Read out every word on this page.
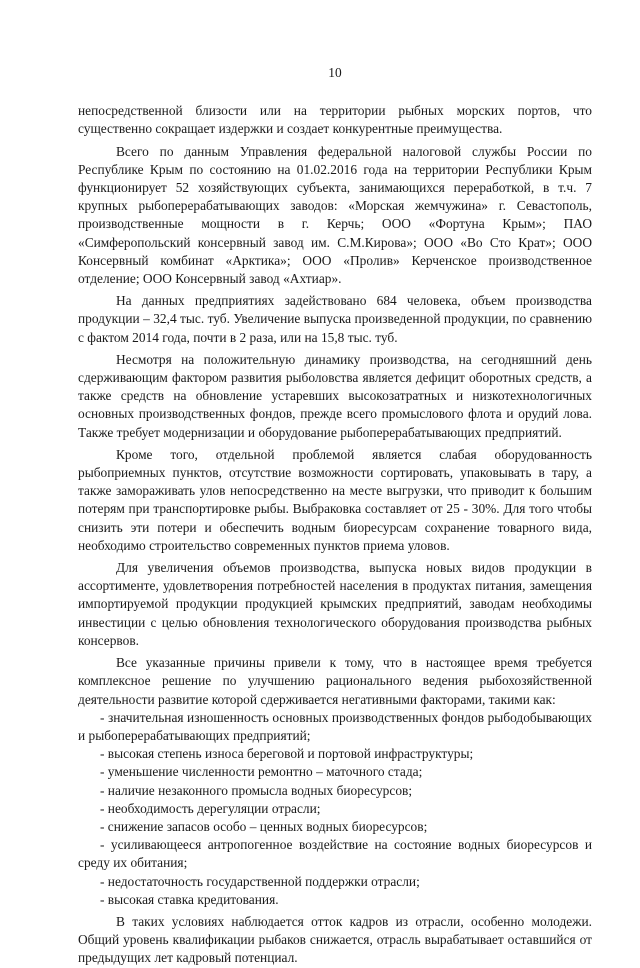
10

непосредственной близости или на территории рыбных морских портов, что существенно сокращает издержки и создает конкурентные преимущества.

Всего по данным Управления федеральной налоговой службы России по Республике Крым по состоянию на 01.02.2016 года на территории Республики Крым функционирует 52 хозяйствующих субъекта, занимающихся переработкой, в т.ч. 7 крупных рыбоперерабатывающих заводов: «Морская жемчужина» г. Севастополь, производственные мощности в г. Керчь; ООО «Фортуна Крым»; ПАО «Симферопольский консервный завод им. С.М.Кирова»; ООО «Во Сто Крат»; ООО Консервный комбинат «Арктика»; ООО «Пролив» Керченское производственное отделение; ООО Консервный завод «Ахтиар».

На данных предприятиях задействовано 684 человека, объем производства продукции – 32,4 тыс. туб. Увеличение выпуска произведенной продукции, по сравнению с фактом 2014 года, почти в 2 раза, или на 15,8 тыс. туб.

Несмотря на положительную динамику производства, на сегодняшний день сдерживающим фактором развития рыболовства является дефицит оборотных средств, а также средств на обновление устаревших высокозатратных и низкотехнологичных основных производственных фондов, прежде всего промыслового флота и орудий лова. Также требует модернизации и оборудование рыбоперерабатывающих предприятий.

Кроме того, отдельной проблемой является слабая оборудованность рыбоприемных пунктов, отсутствие возможности сортировать, упаковывать в тару, а также замораживать улов непосредственно на месте выгрузки, что приводит к большим потерям при транспортировке рыбы. Выбраковка составляет от 25 - 30%. Для того чтобы снизить эти потери и обеспечить водным биоресурсам сохранение товарного вида, необходимо строительство современных пунктов приема уловов.

Для увеличения объемов производства, выпуска новых видов продукции в ассортименте, удовлетворения потребностей населения в продуктах питания, замещения импортируемой продукции продукцией крымских предприятий, заводам необходимы инвестиции с целью обновления технологического оборудования производства рыбных консервов.

Все указанные причины привели к тому, что в настоящее время требуется комплексное решение по улучшению рационального ведения рыбохозяйственной деятельности развитие которой сдерживается негативными факторами, такими как:

- значительная изношенность основных производственных фондов рыбодобывающих и рыбоперерабатывающих предприятий;

- высокая степень износа береговой и портовой инфраструктуры;

- уменьшение численности ремонтно – маточного стада;

- наличие незаконного промысла водных биоресурсов;

- необходимость дерегуляции отрасли;

- снижение запасов особо – ценных водных биоресурсов;

- усиливающееся антропогенное воздействие на состояние водных биоресурсов и среду их обитания;

- недостаточность государственной поддержки отрасли;

- высокая ставка кредитования.

В таких условиях наблюдается отток кадров из отрасли, особенно молодежи. Общий уровень квалификации рыбаков снижается, отрасль вырабатывает оставшийся от предыдущих лет кадровый потенциал.
